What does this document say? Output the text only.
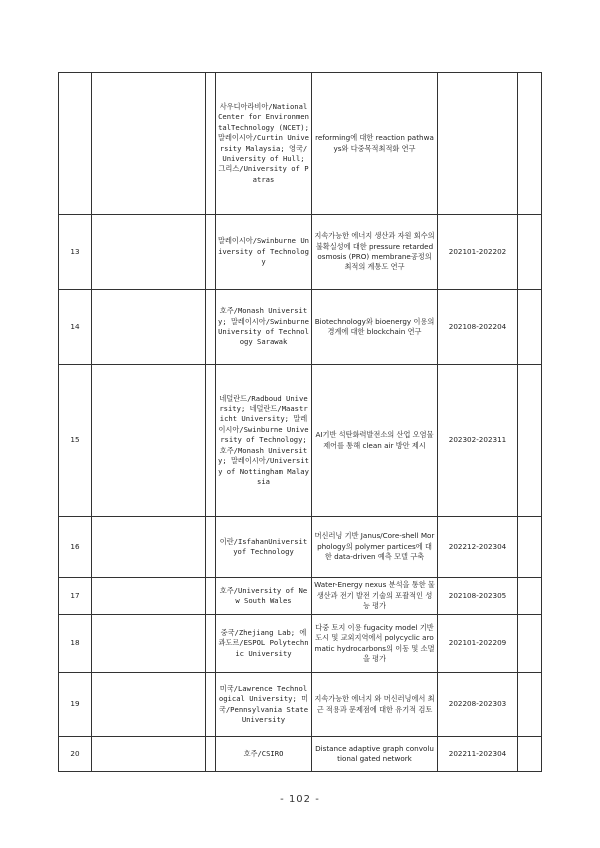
			사우디아라비아/National Center for EnvironmentalTechnology (NCET); 말레이시아/Curtin University Malaysia; 영국/University of Hull; 그리스/University of Patras	reforming에 대한 reaction pathways와 다중목적최적화 연구		
13			말레이시아/Swinburne University of Technology	지속가능한 에너지 생산과 자원 회수의 불확실성에 대한 pressure retarded osmosis (PRO) membrane공정의 최적의 계통도 연구	202101-202202	
14			호주/Monash University; 말레이시아/Swinburne University of Technology Sarawak	Biotechnology와 bioenergy 이용의 경계에 대한 blockchain 연구	202108-202204	
15			네덜란드/Radboud University; 네덜란드/Maastricht University; 말레이시아/Swinburne University of Technology; 호주/Monash University; 말레이시아/University of Nottingham Malaysia	AI기반 석탄화력발전소의 산업 오염물 제어를 통해 clean air 방안 제시	202302-202311	
16			이란/IsfahanUniversityof Technology	머신러닝 기반 Janus/Core-shell Morphology의 polymer partices에 대한 data-driven 예측 모델 구축	202212-202304	
17			호주/University of New South Wales	Water-Energy nexus 분석을 통한 물 생산과 전기 발전 기술의 포괄적인 성능 평가	202108-202305	
18			중국/Zhejiang Lab; 에콰도르/ESPOL Polytechnic University	다중 토지 이용 fugacity model 기반 도시 및 교외지역에서 polycyclic aromatic hydrocarbons의 이동 및 소멸을 평가	202101-202209	
19			미국/Lawrence Technological University; 미국/Pennsylvania State University	지속가능한 에너지 와 머신러닝에서 최근 적용과 문제점에 대한 유기적 검토	202208-202303	
20			호주/CSIRO	Distance adaptive graph convolutional gated network	202211-202304	
- 102 -
